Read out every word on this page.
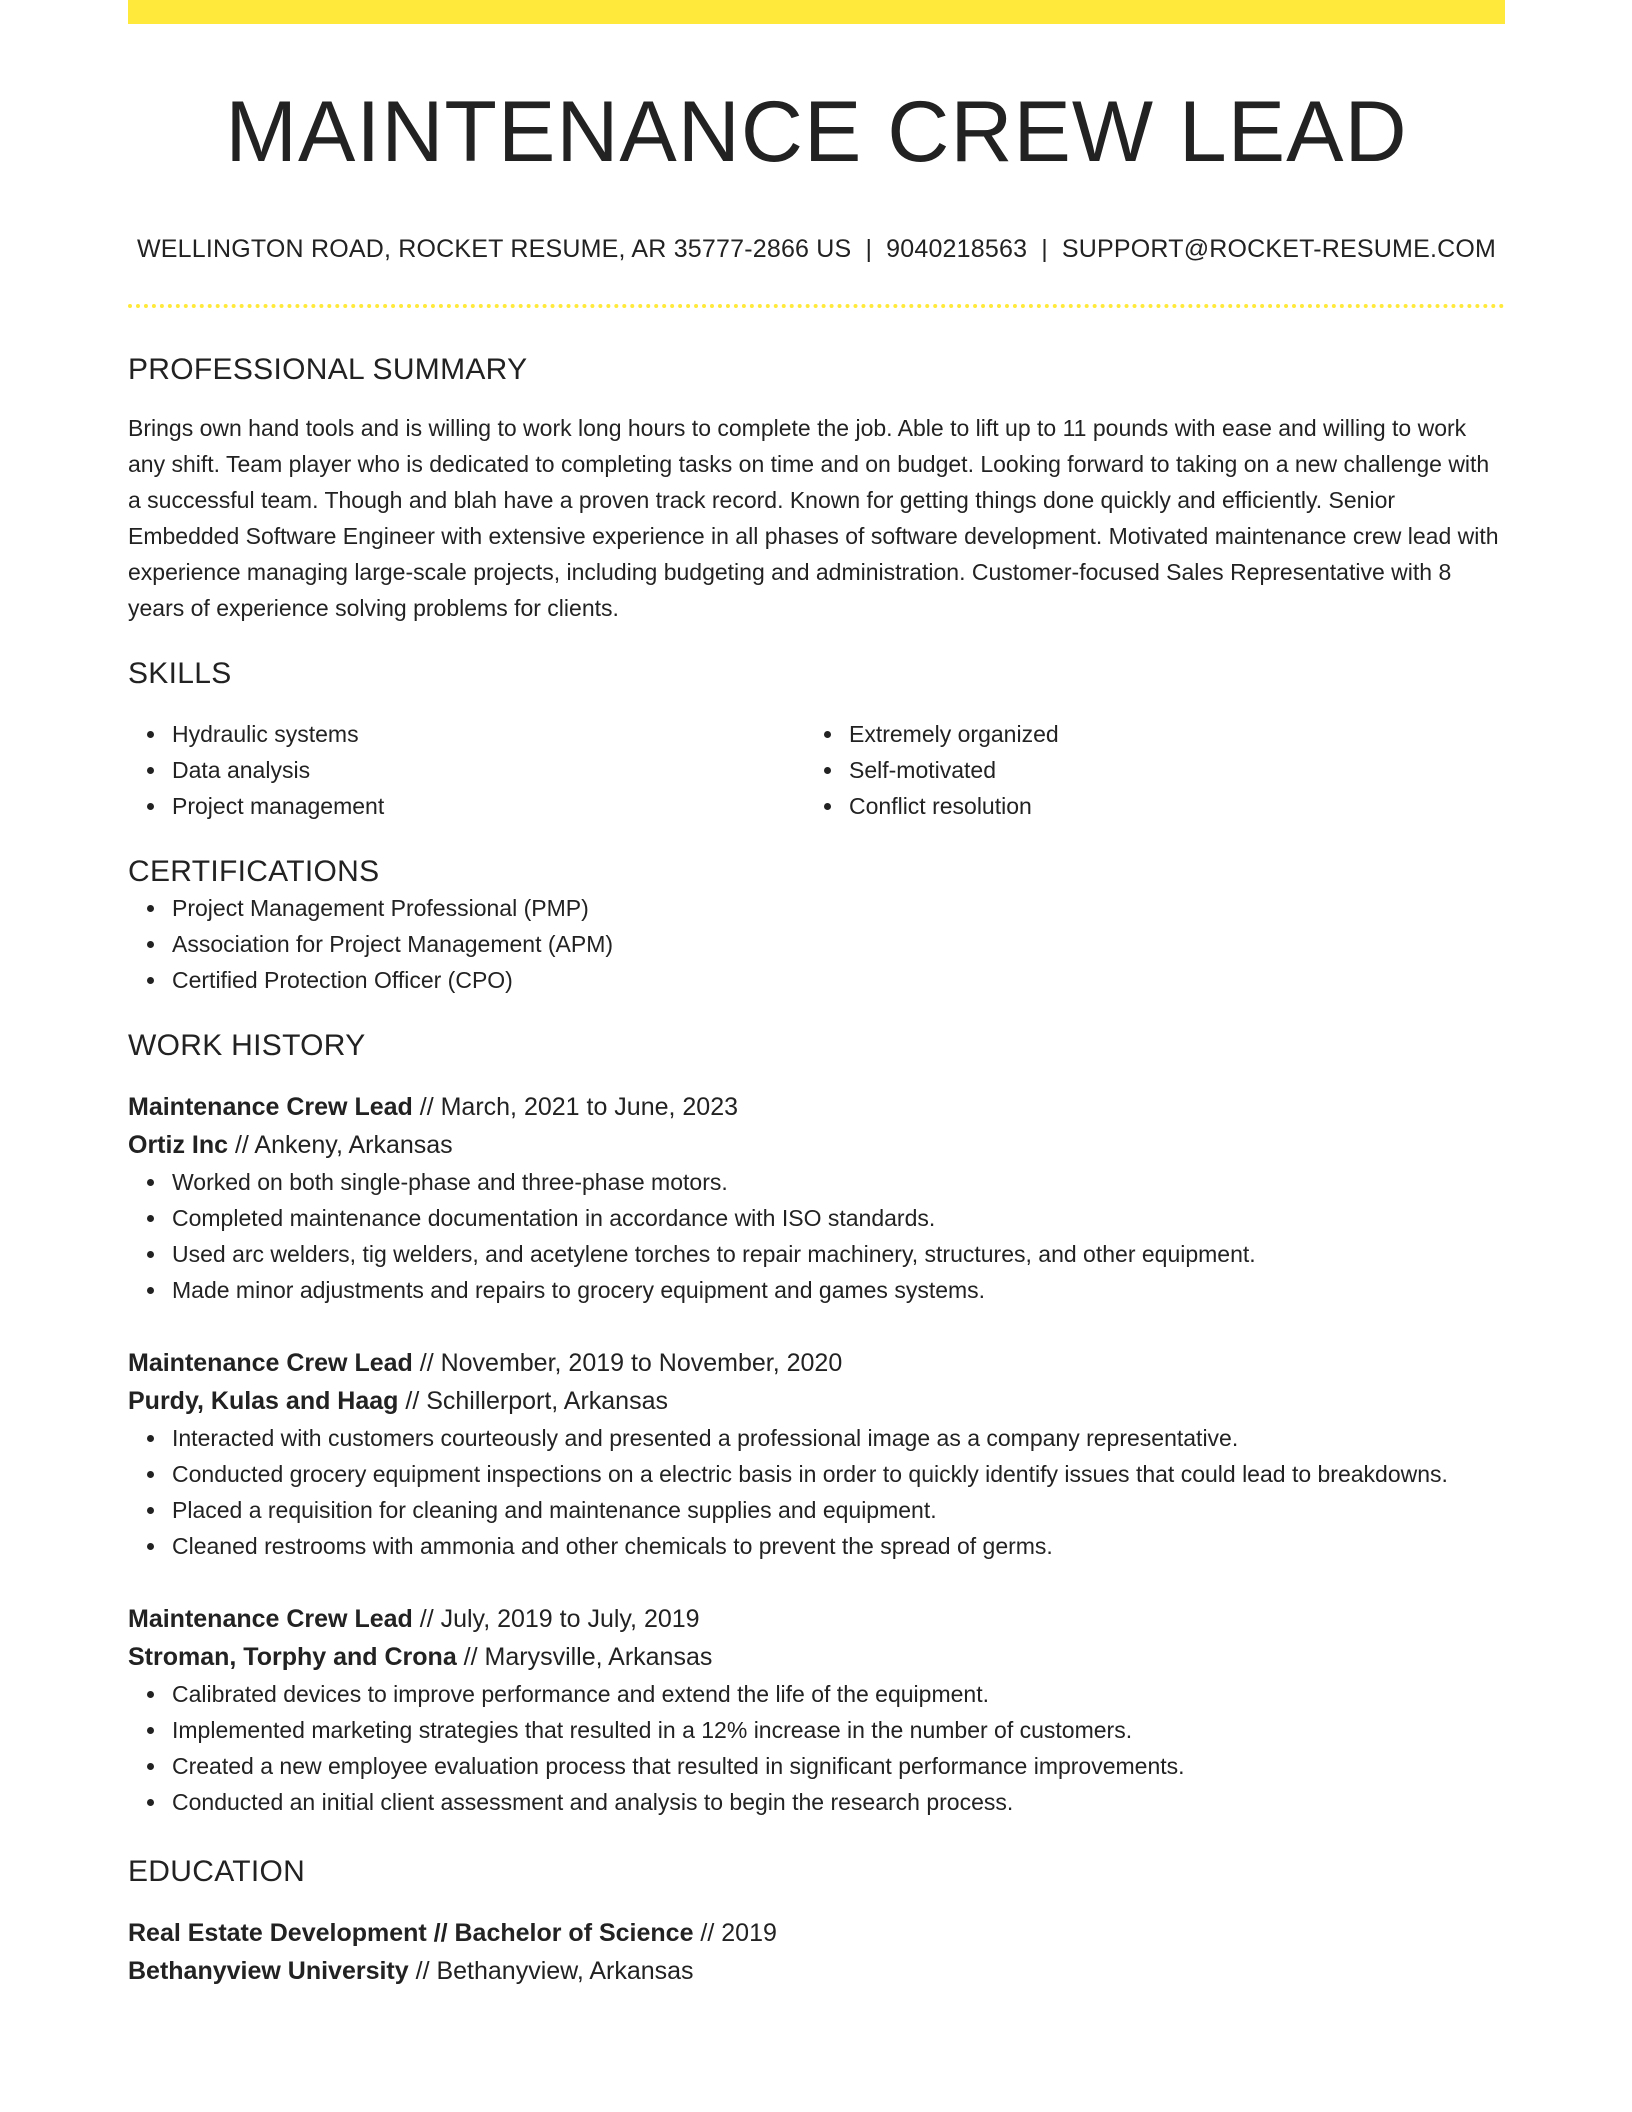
MAINTENANCE CREW LEAD
WELLINGTON ROAD, ROCKET RESUME, AR 35777-2866 US | 9040218563 | SUPPORT@ROCKET-RESUME.COM
PROFESSIONAL SUMMARY
Brings own hand tools and is willing to work long hours to complete the job. Able to lift up to 11 pounds with ease and willing to work any shift. Team player who is dedicated to completing tasks on time and on budget. Looking forward to taking on a new challenge with a successful team. Though and blah have a proven track record. Known for getting things done quickly and efficiently. Senior Embedded Software Engineer with extensive experience in all phases of software development. Motivated maintenance crew lead with experience managing large-scale projects, including budgeting and administration. Customer-focused Sales Representative with 8 years of experience solving problems for clients.
SKILLS
Hydraulic systems
Data analysis
Project management
Extremely organized
Self-motivated
Conflict resolution
CERTIFICATIONS
Project Management Professional (PMP)
Association for Project Management (APM)
Certified Protection Officer (CPO)
WORK HISTORY
Maintenance Crew Lead // March, 2021 to June, 2023
Ortiz Inc // Ankeny, Arkansas
Worked on both single-phase and three-phase motors.
Completed maintenance documentation in accordance with ISO standards.
Used arc welders, tig welders, and acetylene torches to repair machinery, structures, and other equipment.
Made minor adjustments and repairs to grocery equipment and games systems.
Maintenance Crew Lead // November, 2019 to November, 2020
Purdy, Kulas and Haag // Schillerport, Arkansas
Interacted with customers courteously and presented a professional image as a company representative.
Conducted grocery equipment inspections on a electric basis in order to quickly identify issues that could lead to breakdowns.
Placed a requisition for cleaning and maintenance supplies and equipment.
Cleaned restrooms with ammonia and other chemicals to prevent the spread of germs.
Maintenance Crew Lead // July, 2019 to July, 2019
Stroman, Torphy and Crona // Marysville, Arkansas
Calibrated devices to improve performance and extend the life of the equipment.
Implemented marketing strategies that resulted in a 12% increase in the number of customers.
Created a new employee evaluation process that resulted in significant performance improvements.
Conducted an initial client assessment and analysis to begin the research process.
EDUCATION
Real Estate Development // Bachelor of Science // 2019
Bethanyview University // Bethanyview, Arkansas
